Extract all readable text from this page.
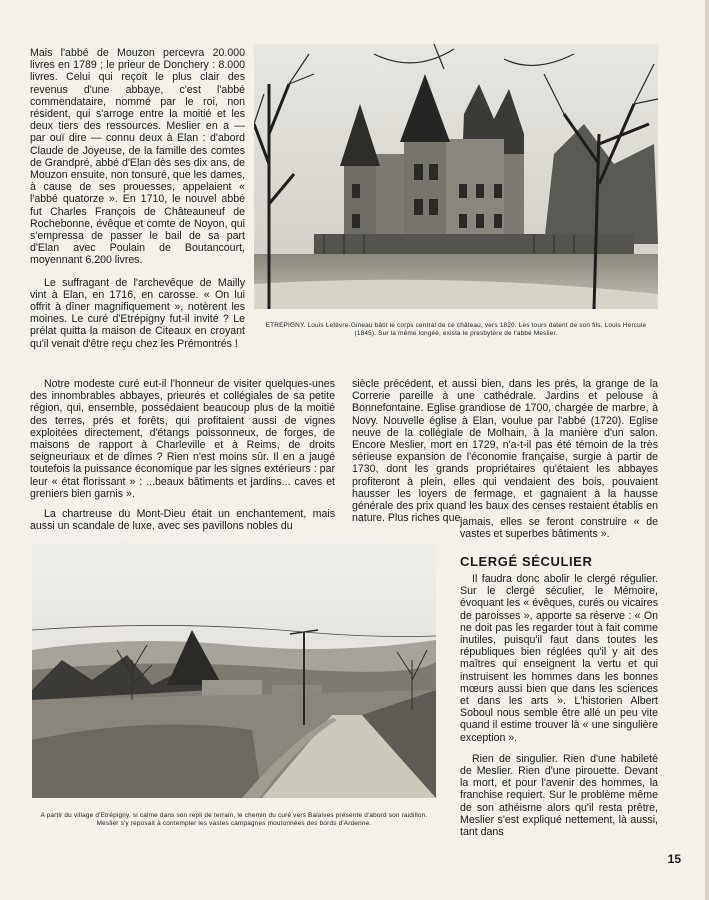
Mais l'abbé de Mouzon percevra 20.000 livres en 1789 ; le prieur de Donchery : 8.000 livres. Celui qui reçoit le plus clair des revenus d'une abbaye, c'est l'abbé commendataire, nommé par le roi, non résident, qui s'arroge entre la moitié et les deux tiers des ressources. Meslier en a — par ouï dire — connu deux à Elan : d'abord Claude de Joyeuse, de la famille des comtes de Grandpré, abbé d'Elan dès ses dix ans, de Mouzon ensuite, non tonsuré, que les dames, à cause de ses prouesses, appelaient « l'abbé quatorze ». En 1710, le nouvel abbé fut Charles François de Châteauneuf de Rochebonne, évêque et comte de Noyon, qui s'empressa de passer le bail de sa part d'Elan avec Poulain de Boutancourt, moyennant 6.200 livres.

Le suffragant de l'archevêque de Mailly vint à Elan, en 1716, en carosse. « On lui offrit à dîner magnifiquement », notèrent les moines. Le curé d'Etrépigny fut-il invité ? Le prélat quitta la maison de Citeaux en croyant qu'il venait d'être reçu chez les Prémontrés !

ETREPIGNY. Louis Lefèvre-Gineau bâtit le corps central de ce château, vers 1820. Les tours datent de son fils, Louis Hercule (1845). Sur la même longée, exista le presbytère de l'abbé Meslier.

Notre modeste curé eut-il l'honneur de visiter quelques-unes des innombrables abbayes, prieurés et collégiales de sa petite région, qui, ensemble, possédaient beaucoup plus de la moitié des terres, prés et forêts, qui profitaient aussi de vignes exploitées directement, d'étangs poissonneux, de forges, de maisons de rapport à Charleville et à Reims, de droits seigneuriaux et de dîmes ? Rien n'est moins sûr. Il en a jaugé toutefois la puissance économique par les signes extérieurs : par leur « état florissant » : ...beaux bâtiments et jardins... caves et greniers bien garnis ».

La chartreuse du Mont-Dieu était un enchantement, mais aussi un scandale de luxe, avec ses pavillons nobles du

siècle précédent, et aussi bien, dans les prés, la grange de la Correrie pareille à une cathédrale. Jardins et pelouse à Bonnefontaine. Eglise grandiose de 1700, chargée de marbre, à Novy. Nouvelle église à Elan, voulue par l'abbé (1720). Eglise neuve de la collégiale de Molhain, à la manière d'un salon. Encore Meslier, mort en 1729, n'a-t-il pas été témoin de la très sérieuse expansion de l'économie française, surgie à partir de 1730, dont les grands propriétaires qu'étaient les abbayes profiteront à plein, elles qui vendaient des bois, pouvaient hausser les loyers de fermage, et gagnaient à la hausse générale des prix quand les baux des censes restaient établis en nature. Plus riches que jamais, elles se feront construire « de vastes et superbes bâtiments ».

A partir du village d'Etrépigny, si calme dans son repli de terrain, le chemin du curé vers Balaives présente d'abord son raidillon. Meslier s'y reposait à contempler les vastes campagnes moutonnées des bords d'Ardenne.

CLERGÉ SÉCULIER

Il faudra donc abolir le clergé régulier. Sur le clergé séculier, le Mémoire, évoquant les « évêques, curés ou vicaires de paroisses », apporte sa réserve : « On ne doit pas les regarder tout à fait comme inutiles, puisqu'il faut dans toutes les républiques bien réglées qu'il y ait des maîtres qui enseignent la vertu et qui instruisent les hommes dans les bonnes mœurs aussi bien que dans les sciences et dans les arts ». L'historien Albert Soboul nous semble être allé un peu vite quand il estime trouver là « une singulière exception ».

Rien de singulier. Rien d'une habileté de Meslier. Rien d'une pirouette. Devant la mort, et pour l'avenir des hommes, la franchise requiert. Sur le problème même de son athéisme alors qu'il resta prêtre, Meslier s'est expliqué nettement, là aussi, tant dans

15
